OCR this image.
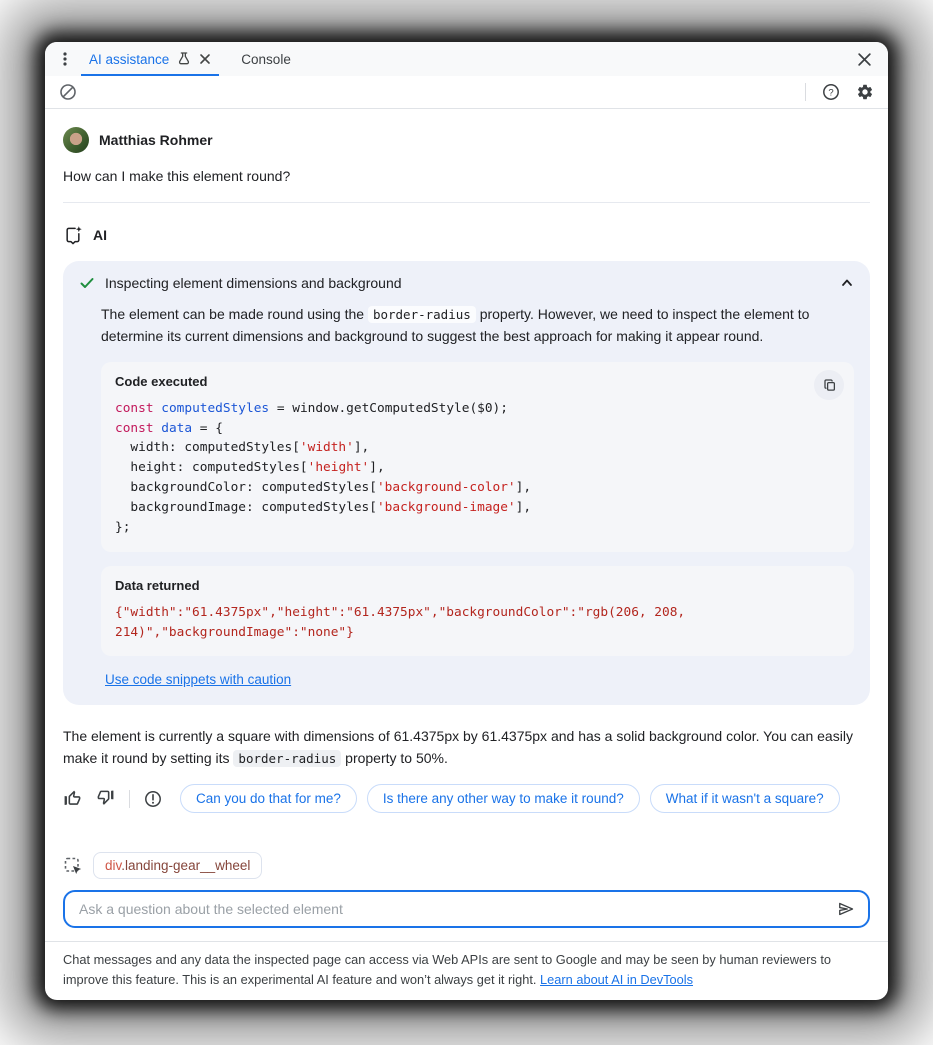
AI assistance	Console
?
Matthias Rohmer
How can I make this element round?
AI
Inspecting element dimensions and background

The element can be made round using the border-radius property. However, we need to inspect the element to determine its current dimensions and background to suggest the best approach for making it appear round.

Code executed
const computedStyles = window.getComputedStyle($0);
const data = {
width: computedStyles['width'],
height: computedStyles['height'],
backgroundColor: computedStyles['background-color'],
backgroundImage: computedStyles['background-image'],
};
Data returned
{"width":"61.4375px","height":"61.4375px","backgroundColor":"rgb(206, 208, 214)","backgroundImage":"none"}
Use code snippets with caution
The element is currently a square with dimensions of 61.4375px by 61.4375px and has a solid background color. You can easily make it round by setting its border-radius property to 50%.
Can you do that for me?	Is there any other way to make it round?	What if it wasn't a square?
div.landing-gear__wheel
Ask a question about the selected element
Chat messages and any data the inspected page can access via Web APIs are sent to Google and may be seen by human reviewers to improve this feature. This is an experimental AI feature and won’t always get it right. Learn about AI in DevTools
